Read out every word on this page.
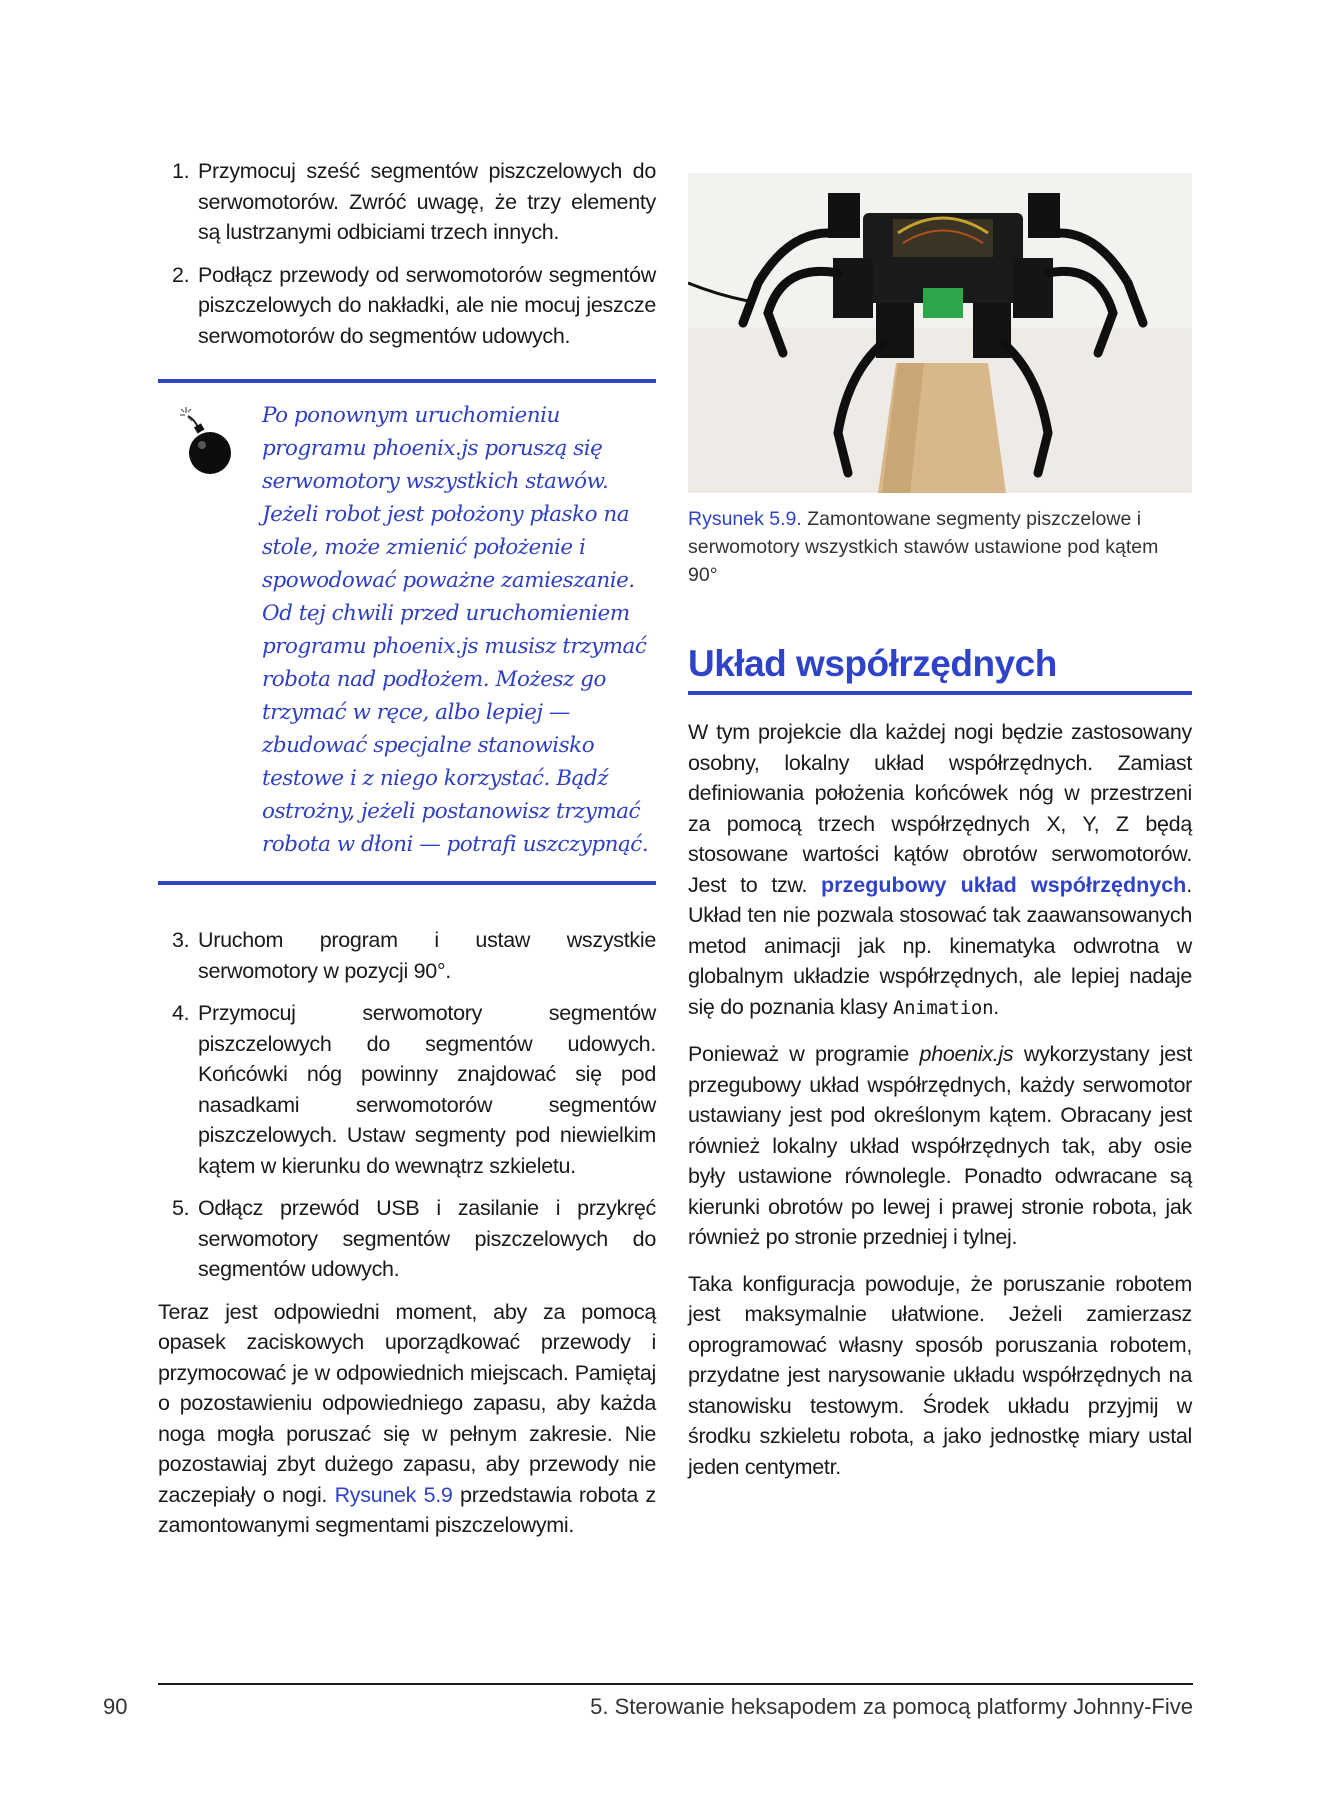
1. Przymocuj sześć segmentów piszczelowych do serwomotorów. Zwróć uwagę, że trzy elementy są lustrzanymi odbiciami trzech innych.
2. Podłącz przewody od serwomotorów segmentów piszczelowych do nakładki, ale nie mocuj jeszcze serwomotorów do segmentów udowych.
Po ponownym uruchomieniu programu phoenix.js poruszą się serwomotory wszystkich stawów. Jeżeli robot jest położony płasko na stole, może zmienić położenie i spowodować poważne zamieszanie. Od tej chwili przed uruchomieniem programu phoenix.js musisz trzymać robota nad podłożem. Możesz go trzymać w ręce, albo lepiej — zbudować specjalne stanowisko testowe i z niego korzystać. Bądź ostrożny, jeżeli postanowisz trzymać robota w dłoni — potrafi uszczypnąć.
3. Uruchom program i ustaw wszystkie serwomotory w pozycji 90°.
4. Przymocuj serwomotory segmentów piszczelowych do segmentów udowych. Końcówki nóg powinny znajdować się pod nasadkami serwomotorów segmentów piszczelowych. Ustaw segmenty pod niewielkim kątem w kierunku do wewnątrz szkieletu.
5. Odłącz przewód USB i zasilanie i przykręć serwomotory segmentów piszczelowych do segmentów udowych.

Teraz jest odpowiedni moment, aby za pomocą opasek zaciskowych uporządkować przewody i przymocować je w odpowiednich miejscach. Pamiętaj o pozostawieniu odpowiedniego zapasu, aby każda noga mogła poruszać się w pełnym zakresie. Nie pozostawiaj zbyt dużego zapasu, aby przewody nie zaczepiały o nogi. Rysunek 5.9 przedstawia robota z zamontowanymi segmentami piszczelowymi.

Rysunek 5.9. Zamontowane segmenty piszczelowe i serwomotory wszystkich stawów ustawione pod kątem 90°
Układ współrzędnych

W tym projekcie dla każdej nogi będzie zastosowany osobny, lokalny układ współrzędnych. Zamiast definiowania położenia końcówek nóg w przestrzeni za pomocą trzech współrzędnych X, Y, Z będą stosowane wartości kątów obrotów serwomotorów. Jest to tzw. przegubowy układ współrzędnych. Układ ten nie pozwala stosować tak zaawansowanych metod animacji jak np. kinematyka odwrotna w globalnym układzie współrzędnych, ale lepiej nadaje się do poznania klasy Animation.

Ponieważ w programie phoenix.js wykorzystany jest przegubowy układ współrzędnych, każdy serwomotor ustawiany jest pod określonym kątem. Obracany jest również lokalny układ współrzędnych tak, aby osie były ustawione równolegle. Ponadto odwracane są kierunki obrotów po lewej i prawej stronie robota, jak również po stronie przedniej i tylnej.

Taka konfiguracja powoduje, że poruszanie robotem jest maksymalnie ułatwione. Jeżeli zamierzasz oprogramować własny sposób poruszania robotem, przydatne jest narysowanie układu współrzędnych na stanowisku testowym. Środek układu przyjmij w środku szkieletu robota, a jako jednostkę miary ustal jeden centymetr.

90	5. Sterowanie heksapodem za pomocą platformy Johnny-Five
